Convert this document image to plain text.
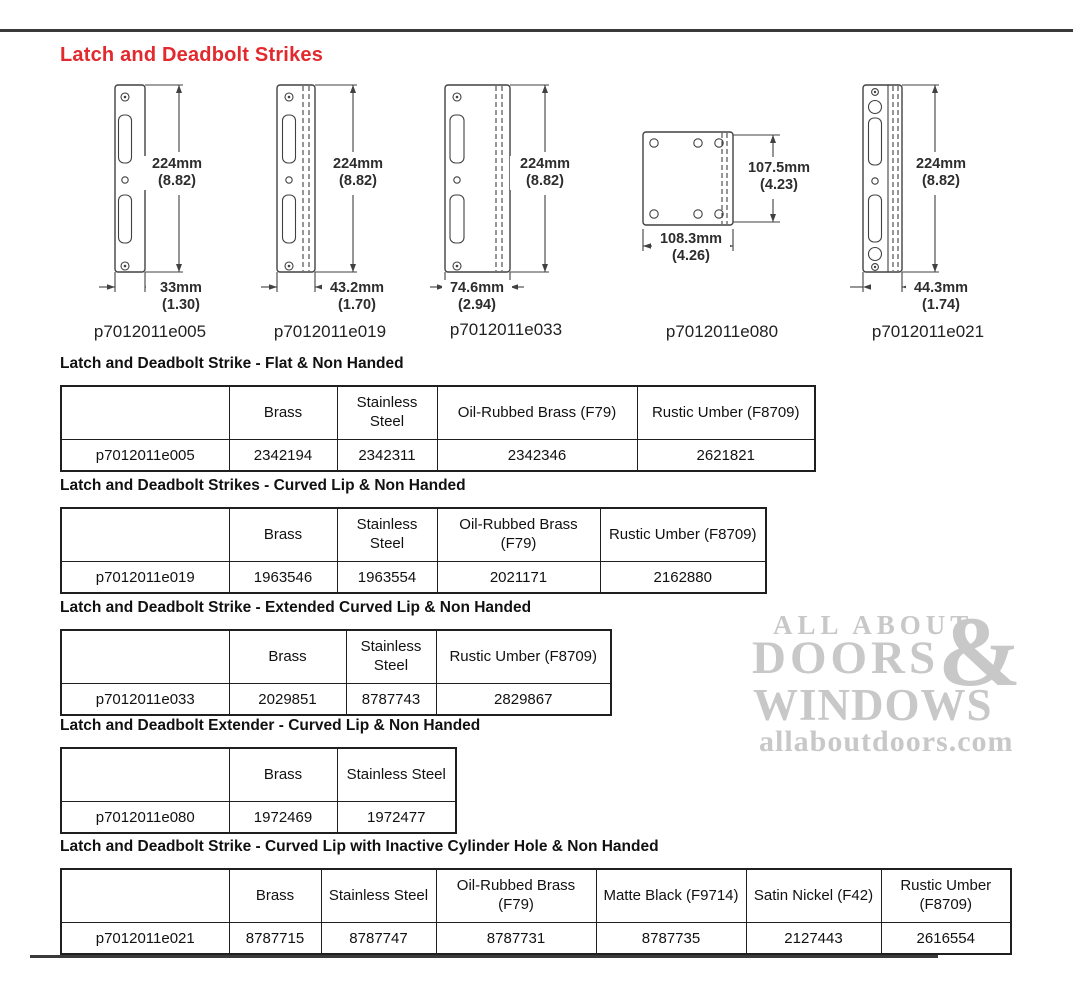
Latch and Deadbolt Strikes
224mm
(8.82)
33mm
(1.30)
p7012011e005
224mm
(8.82)
43.2mm
(1.70)
p7012011e019
224mm
(8.82)
74.6mm
(2.94)
p7012011e033
107.5mm
(4.23)
108.3mm
(4.26)
p7012011e080
224mm
(8.82)
44.3mm
(1.74)
p7012011e021
ALL ABOUT
DOORS
&
WINDOWS
allaboutdoors.com
Latch and Deadbolt Strike - Flat & Non Handed
	Brass	Stainless Steel	Oil-Rubbed Brass (F79)	Rustic Umber (F8709)
p7012011e005	2342194	2342311	2342346	2621821
Latch and Deadbolt Strikes - Curved Lip & Non Handed
	Brass	Stainless Steel	Oil-Rubbed Brass (F79)	Rustic Umber (F8709)
p7012011e019	1963546	1963554	2021171	2162880
Latch and Deadbolt Strike - Extended Curved Lip & Non Handed
	Brass	Stainless Steel	Rustic Umber (F8709)
p7012011e033	2029851	8787743	2829867
Latch and Deadbolt Extender - Curved Lip & Non Handed
	Brass	Stainless Steel
p7012011e080	1972469	1972477
Latch and Deadbolt Strike - Curved Lip with Inactive Cylinder Hole & Non Handed
	Brass	Stainless Steel	Oil-Rubbed Brass (F79)	Matte Black (F9714)	Satin Nickel (F42)	Rustic Umber (F8709)
p7012011e021	8787715	8787747	8787731	8787735	2127443	2616554
